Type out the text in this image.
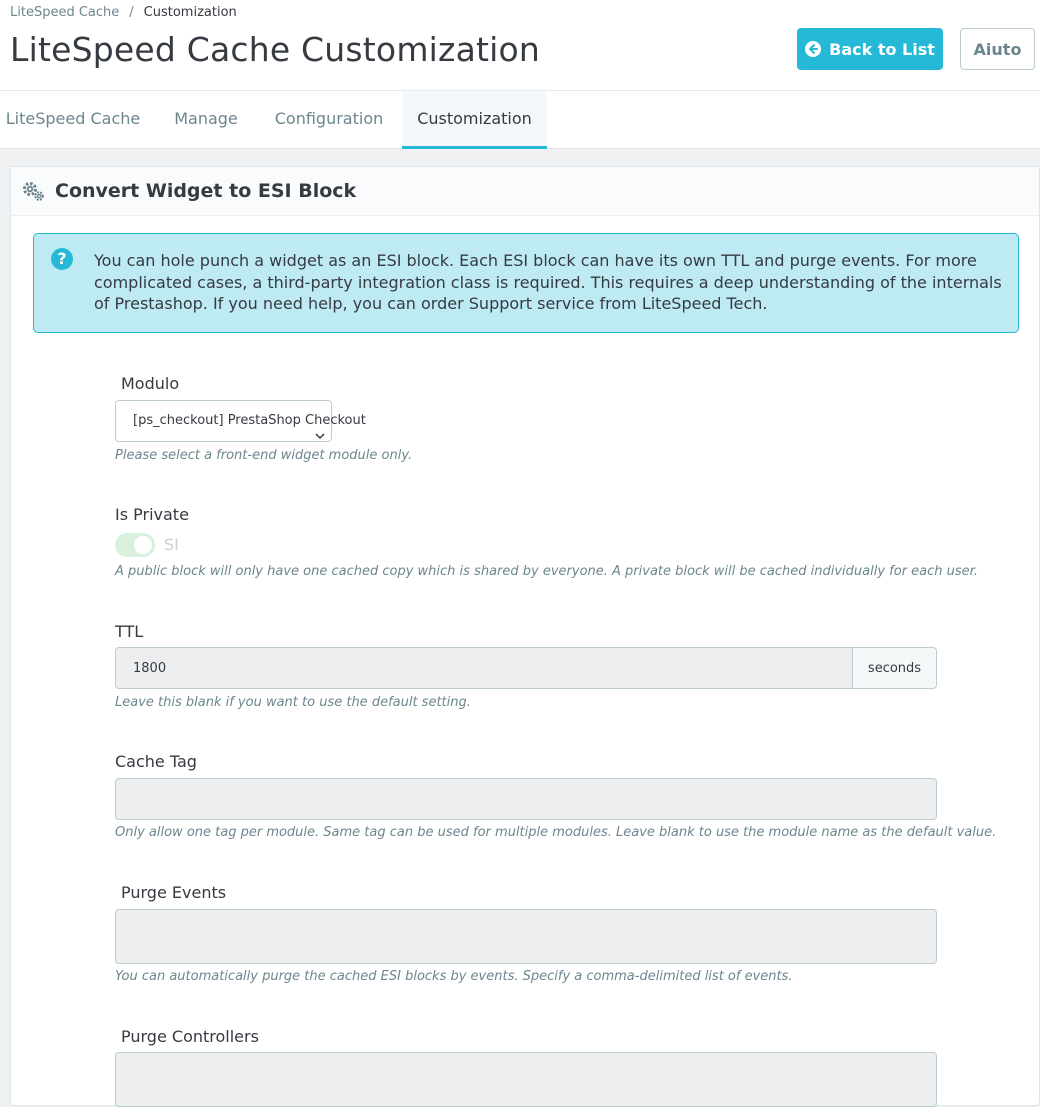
LiteSpeed Cache / Customization
LiteSpeed Cache Customization	Back to List	Aiuto
LiteSpeed Cache	Manage	Configuration	Customization
Convert Widget to ESI Block
?	You can hole punch a widget as an ESI block. Each ESI block can have its own TTL and purge events. For more complicated cases, a third-party integration class is required. This requires a deep understanding of the internals of Prestashop. If you need help, you can order Support service from LiteSpeed Tech.
Modulo
[ps_checkout] PrestaShop Checkout
Please select a front-end widget module only.
Is Private
SI
A public block will only have one cached copy which is shared by everyone. A private block will be cached individually for each user.
TTL
1800	seconds
Leave this blank if you want to use the default setting.
Cache Tag
Only allow one tag per module. Same tag can be used for multiple modules. Leave blank to use the module name as the default value.
Purge Events
You can automatically purge the cached ESI blocks by events. Specify a comma-delimited list of events.
Purge Controllers
